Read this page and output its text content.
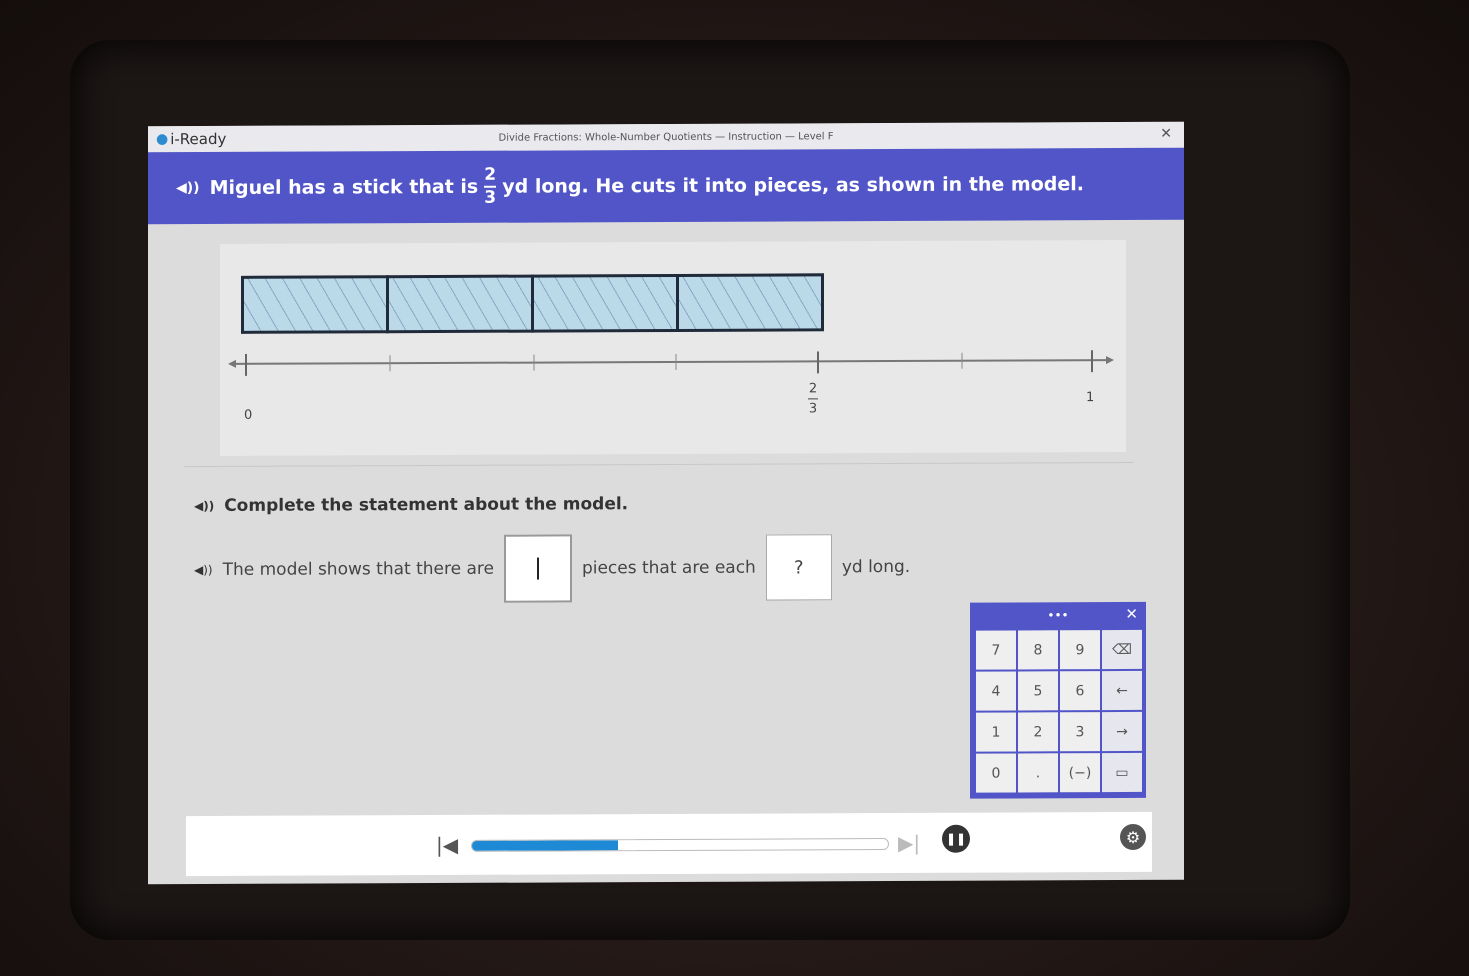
● i-Ready	Divide Fractions: Whole-Number Quotients — Instruction — Level F	✕
◀)) Miguel has a stick that is $\frac{2}{3}$ yd long. He cuts it into pieces, as shown in the model.
0
2
3
1
◀)) Complete the statement about the model.
◀)) The model shows that there are	pieces that are each	?	yd long.
•••	✕
7	8	9	⌫
4	5	6	←
1	2	3	→
0	.	(−)	▭
|◀	▶|	❚❚	⚙
